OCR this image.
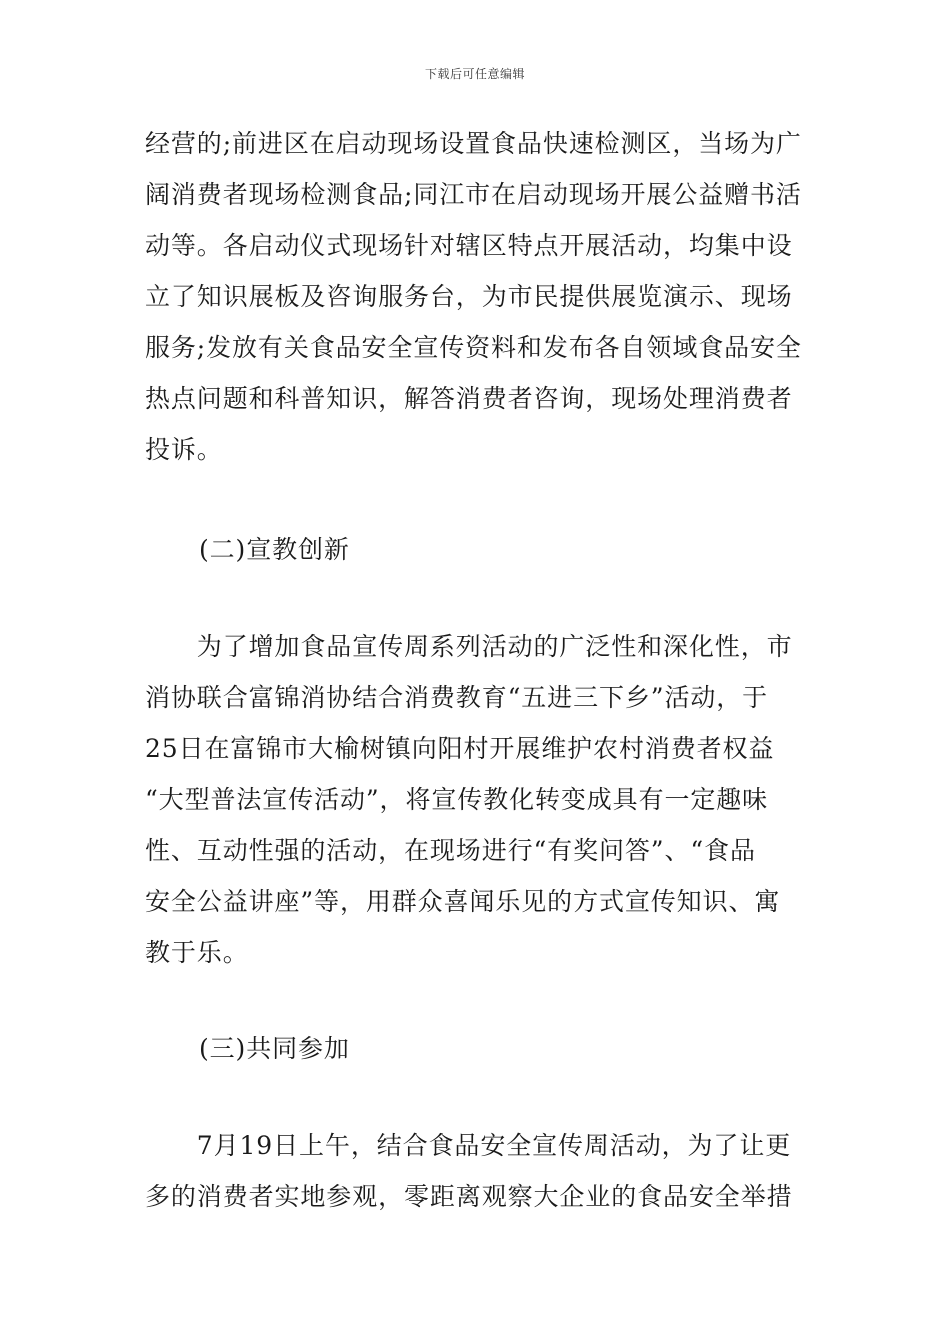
下载后可任意编辑
经营的;前进区在启动现场设置食品快速检测区，当场为广
阔消费者现场检测食品;同江市在启动现场开展公益赠书活
动等。各启动仪式现场针对辖区特点开展活动，均集中设
立了知识展板及咨询服务台，为市民提供展览演示、现场
服务;发放有关食品安全宣传资料和发布各自领域食品安全
热点问题和科普知识，解答消费者咨询，现场处理消费者
投诉。
(二)宣教创新
　　为了增加食品宣传周系列活动的广泛性和深化性，市
消协联合富锦消协结合消费教育“五进三下乡”活动，于
25日在富锦市大榆树镇向阳村开展维护农村消费者权益
“大型普法宣传活动”，将宣传教化转变成具有一定趣味
性、互动性强的活动，在现场进行“有奖问答”、“食品
安全公益讲座”等，用群众喜闻乐见的方式宣传知识、寓
教于乐。
(三)共同参加
　　7月19日上午，结合食品安全宣传周活动，为了让更
多的消费者实地参观，零距离观察大企业的食品安全举措
